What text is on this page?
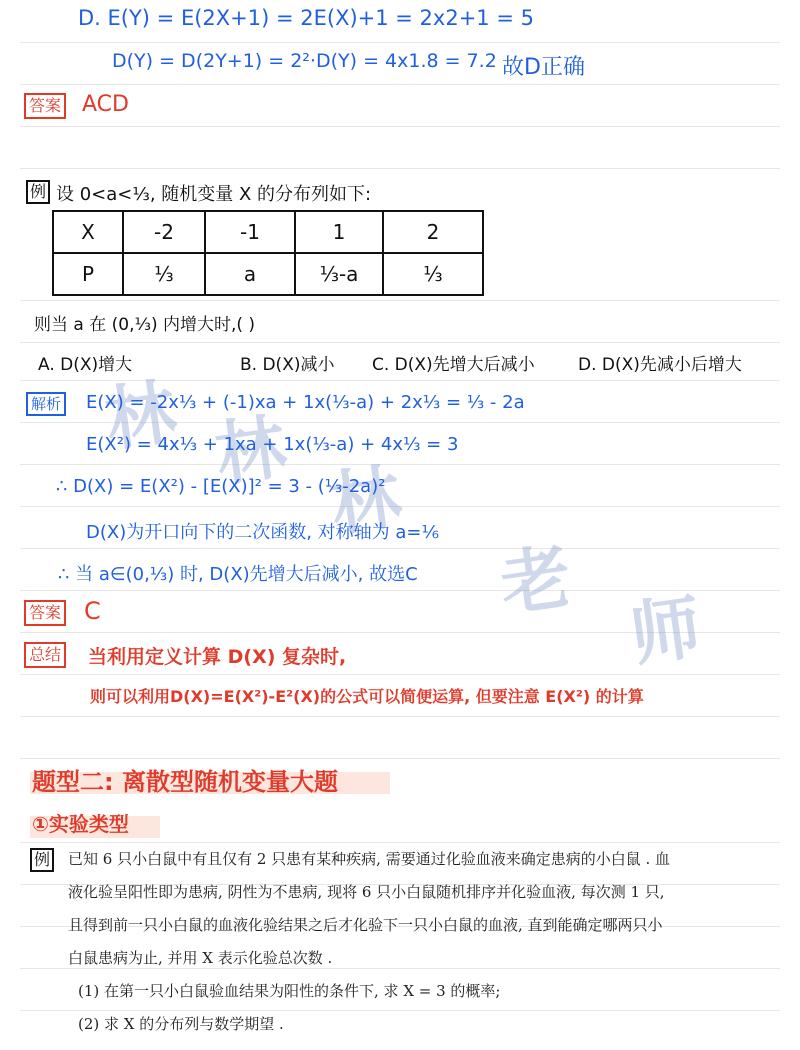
林 林
林
老
师
D. E(Y) = E(2X+1) = 2E(X)+1 = 2x2+1 = 5
D(Y) = D(2Y+1) = 2²·D(Y) = 4x1.8 = 7.2 故D正确
答案 ACD
例 设 0<a<⅓, 随机变量 X 的分布列如下:
X	-2	-1	1	2
P	⅓	a	⅓-a	⅓
则当 a 在 (0,⅓) 内增大时,( )
A. D(X)增大	B. D(X)减小 C. D(X)先增大后减小	D. D(X)先减小后增大
解析 E(X) = -2x⅓ + (-1)xa + 1x(⅓-a) + 2x⅓ = ⅓ - 2a
E(X²) = 4x⅓ + 1xa + 1x(⅓-a) + 4x⅓ = 3
∴ D(X) = E(X²) - [E(X)]² = 3 - (⅓-2a)²
D(X)为开口向下的二次函数, 对称轴为 a=⅙
∴ 当 a∈(0,⅓) 时, D(X)先增大后减小, 故选C
答案 C
总结 当利用定义计算 D(X) 复杂时,
则可以利用D(X)=E(X²)-E²(X)的公式可以简便运算, 但要注意 E(X²) 的计算
题型二: 离散型随机变量大题
①实验类型
例 已知 6 只小白鼠中有且仅有 2 只患有某种疾病, 需要通过化验血液来确定患病的小白鼠 . 血
液化验呈阳性即为患病, 阴性为不患病, 现将 6 只小白鼠随机排序并化验血液, 每次测 1 只,
且得到前一只小白鼠的血液化验结果之后才化验下一只小白鼠的血液, 直到能确定哪两只小
白鼠患病为止, 并用 X 表示化验总次数 .
(1) 在第一只小白鼠验血结果为阳性的条件下, 求 X = 3 的概率;
(2) 求 X 的分布列与数学期望 .
